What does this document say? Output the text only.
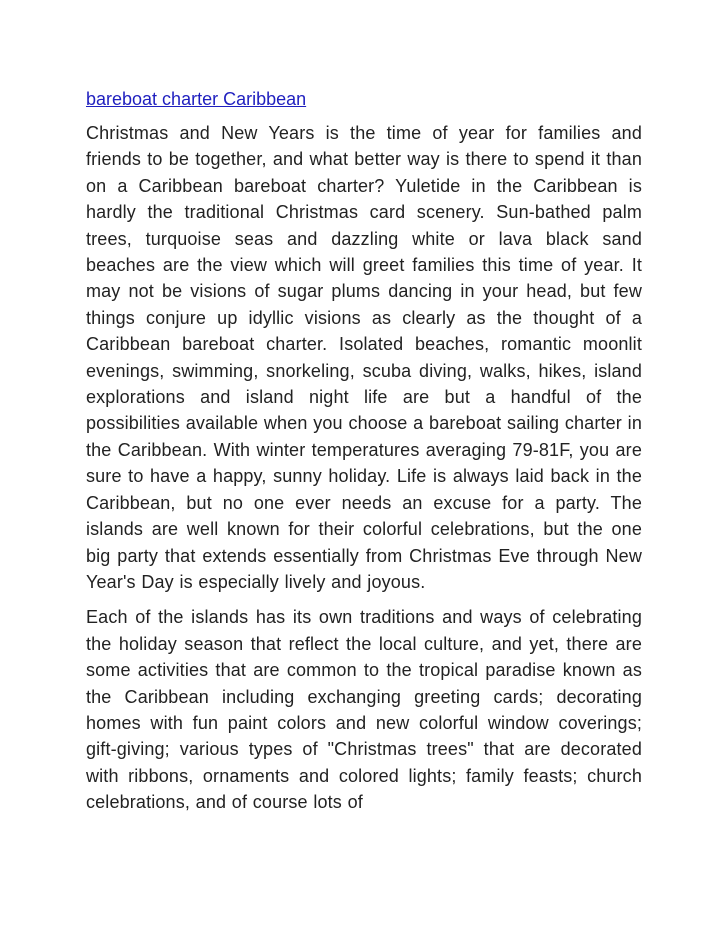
bareboat charter Caribbean

Christmas and New Years is the time of year for families and friends to be together, and what better way is there to spend it than on a Caribbean bareboat charter? Yuletide in the Caribbean is hardly the traditional Christmas card scenery. Sun-bathed palm trees, turquoise seas and dazzling white or lava black sand beaches are the view which will greet families this time of year. It may not be visions of sugar plums dancing in your head, but few things conjure up idyllic visions as clearly as the thought of a Caribbean bareboat charter. Isolated beaches, romantic moonlit evenings, swimming, snorkeling, scuba diving, walks, hikes, island explorations and island night life are but a handful of the possibilities available when you choose a bareboat sailing charter in the Caribbean. With winter temperatures averaging 79-81F, you are sure to have a happy, sunny holiday. Life is always laid back in the Caribbean, but no one ever needs an excuse for a party. The islands are well known for their colorful celebrations, but the one big party that extends essentially from Christmas Eve through New Year's Day is especially lively and joyous.

Each of the islands has its own traditions and ways of celebrating the holiday season that reflect the local culture, and yet, there are some activities that are common to the tropical paradise known as the Caribbean including exchanging greeting cards; decorating homes with fun paint colors and new colorful window coverings; gift-giving; various types of "Christmas trees" that are decorated with ribbons, ornaments and colored lights; family feasts; church celebrations, and of course lots of
